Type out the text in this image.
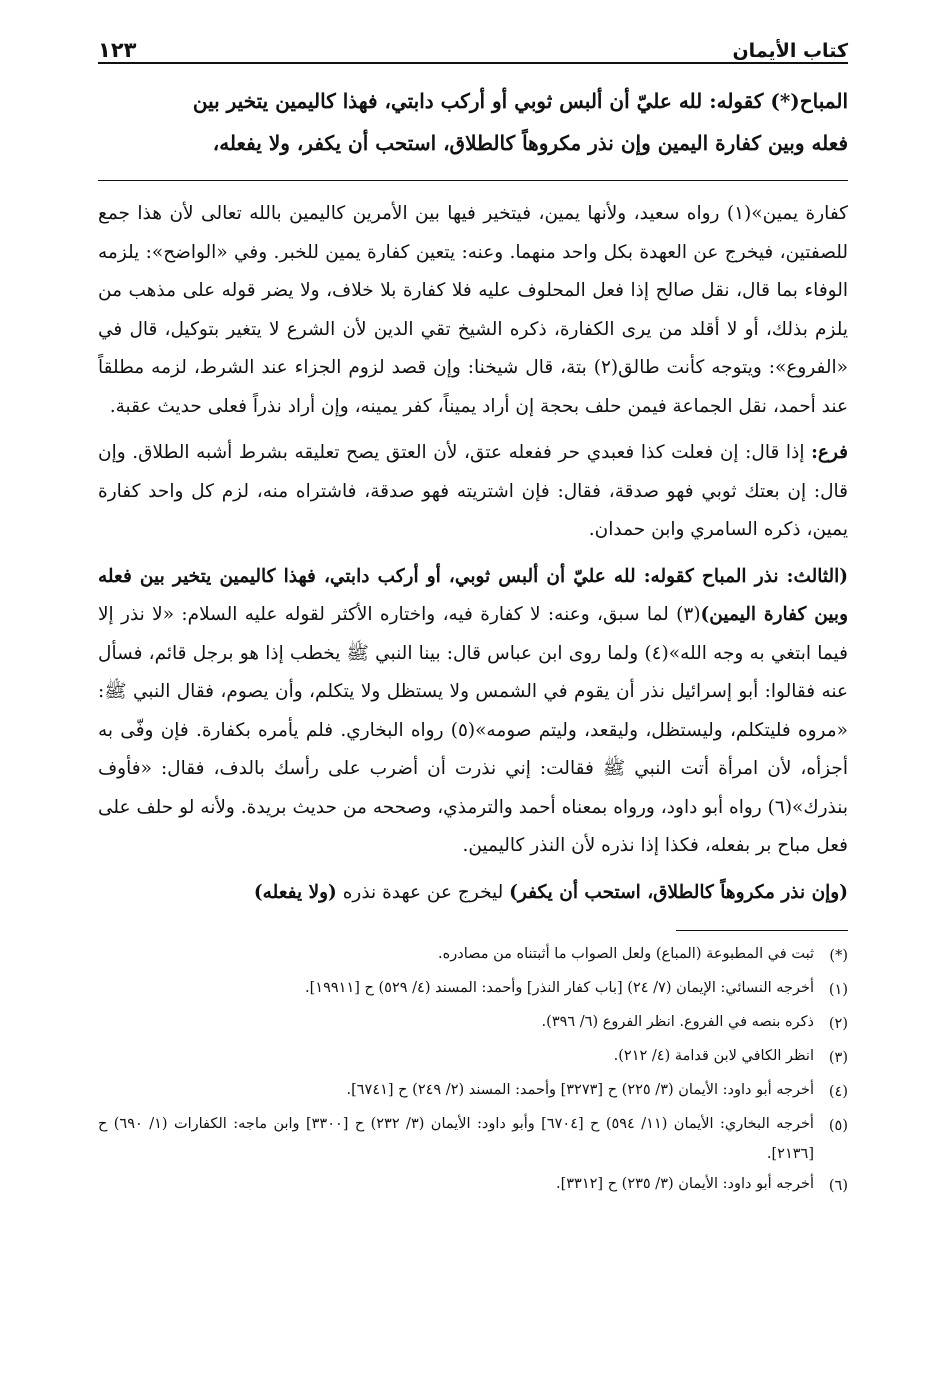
كتاب الأيمان
١٢٣

المباح(*) كقوله: لله عليّ أن ألبس ثوبي أو أركب دابتي، فهذا كاليمين يتخير بين

فعله وبين كفارة اليمين وإن نذر مكروهاً كالطلاق، استحب أن يكفر، ولا يفعله،

كفارة يمين»(١) رواه سعيد، ولأنها يمين، فيتخير فيها بين الأمرين كاليمين بالله تعالى لأن هذا جمع للصفتين، فيخرج عن العهدة بكل واحد منهما. وعنه: يتعين كفارة يمين للخبر. وفي «الواضح»: يلزمه الوفاء بما قال، نقل صالح إذا فعل المحلوف عليه فلا كفارة بلا خلاف، ولا يضر قوله على مذهب من يلزم بذلك، أو لا أقلد من يرى الكفارة، ذكره الشيخ تقي الدين لأن الشرع لا يتغير بتوكيل، قال في «الفروع»: ويتوجه كأنت طالق(٢) بتة، قال شيخنا: وإن قصد لزوم الجزاء عند الشرط، لزمه مطلقاً عند أحمد، نقل الجماعة فيمن حلف بحجة إن أراد يميناً، كفر يمينه، وإن أراد نذراً فعلى حديث عقبة.

فرع: إذا قال: إن فعلت كذا فعبدي حر ففعله عتق، لأن العتق يصح تعليقه بشرط أشبه الطلاق. وإن قال: إن بعتك ثوبي فهو صدقة، فقال: فإن اشتريته فهو صدقة، فاشتراه منه، لزم كل واحد كفارة يمين، ذكره السامري وابن حمدان.

(الثالث: نذر المباح كقوله: لله عليّ أن ألبس ثوبي، أو أركب دابتي، فهذا كاليمين يتخير بين فعله وبين كفارة اليمين)(٣) لما سبق، وعنه: لا كفارة فيه، واختاره الأكثر لقوله عليه السلام: «لا نذر إلا فيما ابتغي به وجه الله»(٤) ولما روى ابن عباس قال: بينا النبي ﷺ يخطب إذا هو برجل قائم، فسأل عنه فقالوا: أبو إسرائيل نذر أن يقوم في الشمس ولا يستظل ولا يتكلم، وأن يصوم، فقال النبي ﷺ: «مروه فليتكلم، وليستظل، وليقعد، وليتم صومه»(٥) رواه البخاري. فلم يأمره بكفارة. فإن وفّى به أجزأه، لأن امرأة أتت النبي ﷺ فقالت: إني نذرت أن أضرب على رأسك بالدف، فقال: «فأوف بنذرك»(٦) رواه أبو داود، ورواه بمعناه أحمد والترمذي، وصححه من حديث بريدة. ولأنه لو حلف على فعل مباح بر بفعله، فكذا إذا نذره لأن النذر كاليمين.

(وإن نذر مكروهاً كالطلاق، استحب أن يكفر) ليخرج عن عهدة نذره (ولا يفعله)

(*)
ثبت في المطبوعة (المباع) ولعل الصواب ما أثبتناه من مصادره.
(١)
أخرجه النسائي: الإيمان (٧/ ٢٤) [باب كفار النذر] وأحمد: المسند (٤/ ٥٢٩) ح [١٩٩١١].
(٢)
ذكره بنصه في الفروع. انظر الفروع (٦/ ٣٩٦).
(٣)
انظر الكافي لابن قدامة (٤/ ٢١٢).
(٤)
أخرجه أبو داود: الأيمان (٣/ ٢٢٥) ح [٣٢٧٣] وأحمد: المسند (٢/ ٢٤٩) ح [٦٧٤١].
(٥)
أخرجه البخاري: الأيمان (١١/ ٥٩٤) ح [٦٧٠٤] وأبو داود: الأيمان (٣/ ٢٣٢) ح [٣٣٠٠] وابن ماجه: الكفارات (١/ ٦٩٠) ح [٢١٣٦].
(٦)
أخرجه أبو داود: الأيمان (٣/ ٢٣٥) ح [٣٣١٢].
